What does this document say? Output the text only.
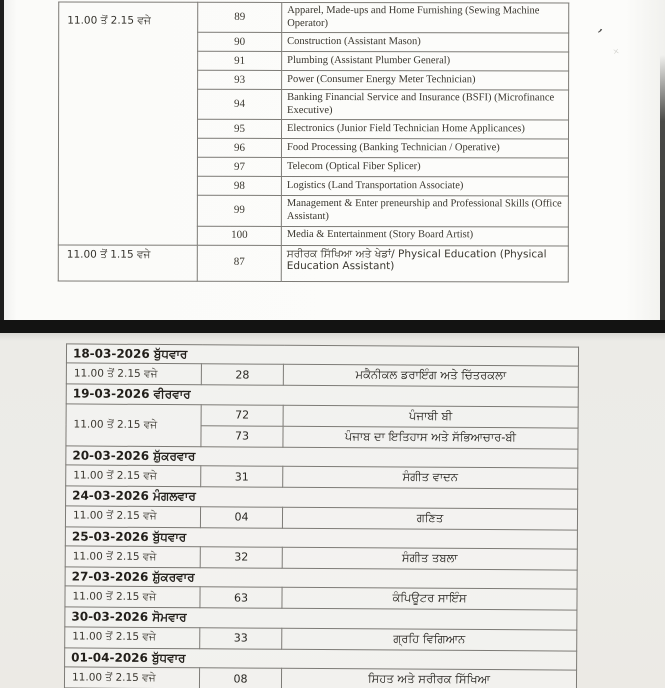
11.00 ਤੋਂ 2.15 ਵਜੇ	89	Apparel, Made-ups and Home Furnishing (Sewing Machine Operator)
	90	Construction (Assistant Mason)
	91	Plumbing (Assistant Plumber General)
	93	Power (Consumer Energy Meter Technician)
	94	Banking Financial Service and Insurance (BSFI) (Microfinance Executive)
	95	Electronics (Junior Field Technician Home Applicances)
	96	Food Processing (Banking Technician / Operative)
	97	Telecom (Optical Fiber Splicer)
	98	Logistics (Land Transportation Associate)
	99	Management & Enter preneurship and Professional Skills (Office Assistant)
	100	Media & Entertainment (Story Board Artist)
11.00 ਤੋਂ 1.15 ਵਜੇ	87	ਸਰੀਰਕ ਸਿੱਖਿਆ ਅਤੇ ਖੇਡਾਂ/ Physical Education (Physical Education Assistant)
’
×
18-03-2026 ਬੁੱਧਵਾਰ		
11.00 ਤੋਂ 2.15 ਵਜੇ	28	ਮਕੈਨੀਕਲ ਡਰਾਇੰਗ ਅਤੇ ਚਿੱਤਰਕਲਾ
19-03-2026 ਵੀਰਵਾਰ		
11.00 ਤੋਂ 2.15 ਵਜੇ	72	ਪੰਜਾਬੀ ਬੀ
	73	ਪੰਜਾਬ ਦਾ ਇਤਿਹਾਸ ਅਤੇ ਸੱਭਿਆਚਾਰ-ਬੀ
20-03-2026 ਸ਼ੁੱਕਰਵਾਰ		
11.00 ਤੋਂ 2.15 ਵਜੇ	31	ਸੰਗੀਤ ਵਾਦਨ
24-03-2026 ਮੰਗਲਵਾਰ		
11.00 ਤੋਂ 2.15 ਵਜੇ	04	ਗਣਿਤ
25-03-2026 ਬੁੱਧਵਾਰ		
11.00 ਤੋਂ 2.15 ਵਜੇ	32	ਸੰਗੀਤ ਤਬਲਾ
27-03-2026 ਸ਼ੁੱਕਰਵਾਰ		
11.00 ਤੋਂ 2.15 ਵਜੇ	63	ਕੰਪਿਊਟਰ ਸਾਇੰਸ
30-03-2026 ਸੋਮਵਾਰ		
11.00 ਤੋਂ 2.15 ਵਜੇ	33	ਗ੍ਰਹਿ ਵਿਗਿਆਨ
01-04-2026 ਬੁੱਧਵਾਰ		
11.00 ਤੋਂ 2.15 ਵਜੇ	08	ਸਿਹਤ ਅਤੇ ਸਰੀਰਕ ਸਿੱਖਿਆ
